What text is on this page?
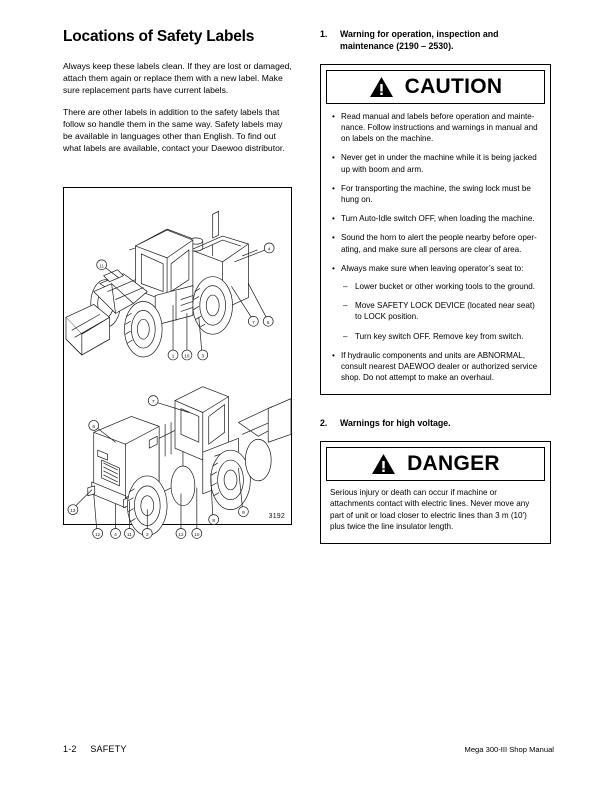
Locations of Safety Labels

Always keep these labels clean. If they are lost or damaged, attach them again or replace them with a new label. Make sure replacement parts have current labels.

There are other labels in addition to the safety labels that follow so handle them in the same way. Safety labels may be available in languages other than English. To find out what labels are available, contact your Daewoo distributor.

4
5
7
11
1 10 3
7
6
13
12	4 11	2	12 10
8
9	3192
1.	Warning for operation, inspection and maintenance (2190 – 2530).
CAUTION
• Read manual and labels before operation and mainte-nance. Follow instructions and warnings in manual and on labels on the machine.
• Never get in under the machine while it is being jacked up with boom and arm.
• For transporting the machine, the swing lock must be hung on.
• Turn Auto-Idle switch OFF, when loading the machine.
• Sound the horn to alert the people nearby before oper-ating, and make sure all persons are clear of area.
• Always make sure when leaving operator’s seat to:
– Lower bucket or other working tools to the ground.
– Move SAFETY LOCK DEVICE (located near seat) to LOCK position.
– Turn key switch OFF. Remove key from switch.
• If hydraulic components and units are ABNORMAL, consult nearest DAEWOO dealer or authorized service shop. Do not attempt to make an overhaul.
2.	Warnings for high voltage.
DANGER
Serious injury or death can occur if machine or attachments contact with electric lines. Never move any part of unit or load closer to electric lines than 3 m (10′) plus twice the line insulator length.
1-2 SAFETY	Mega 300-III Shop Manual
